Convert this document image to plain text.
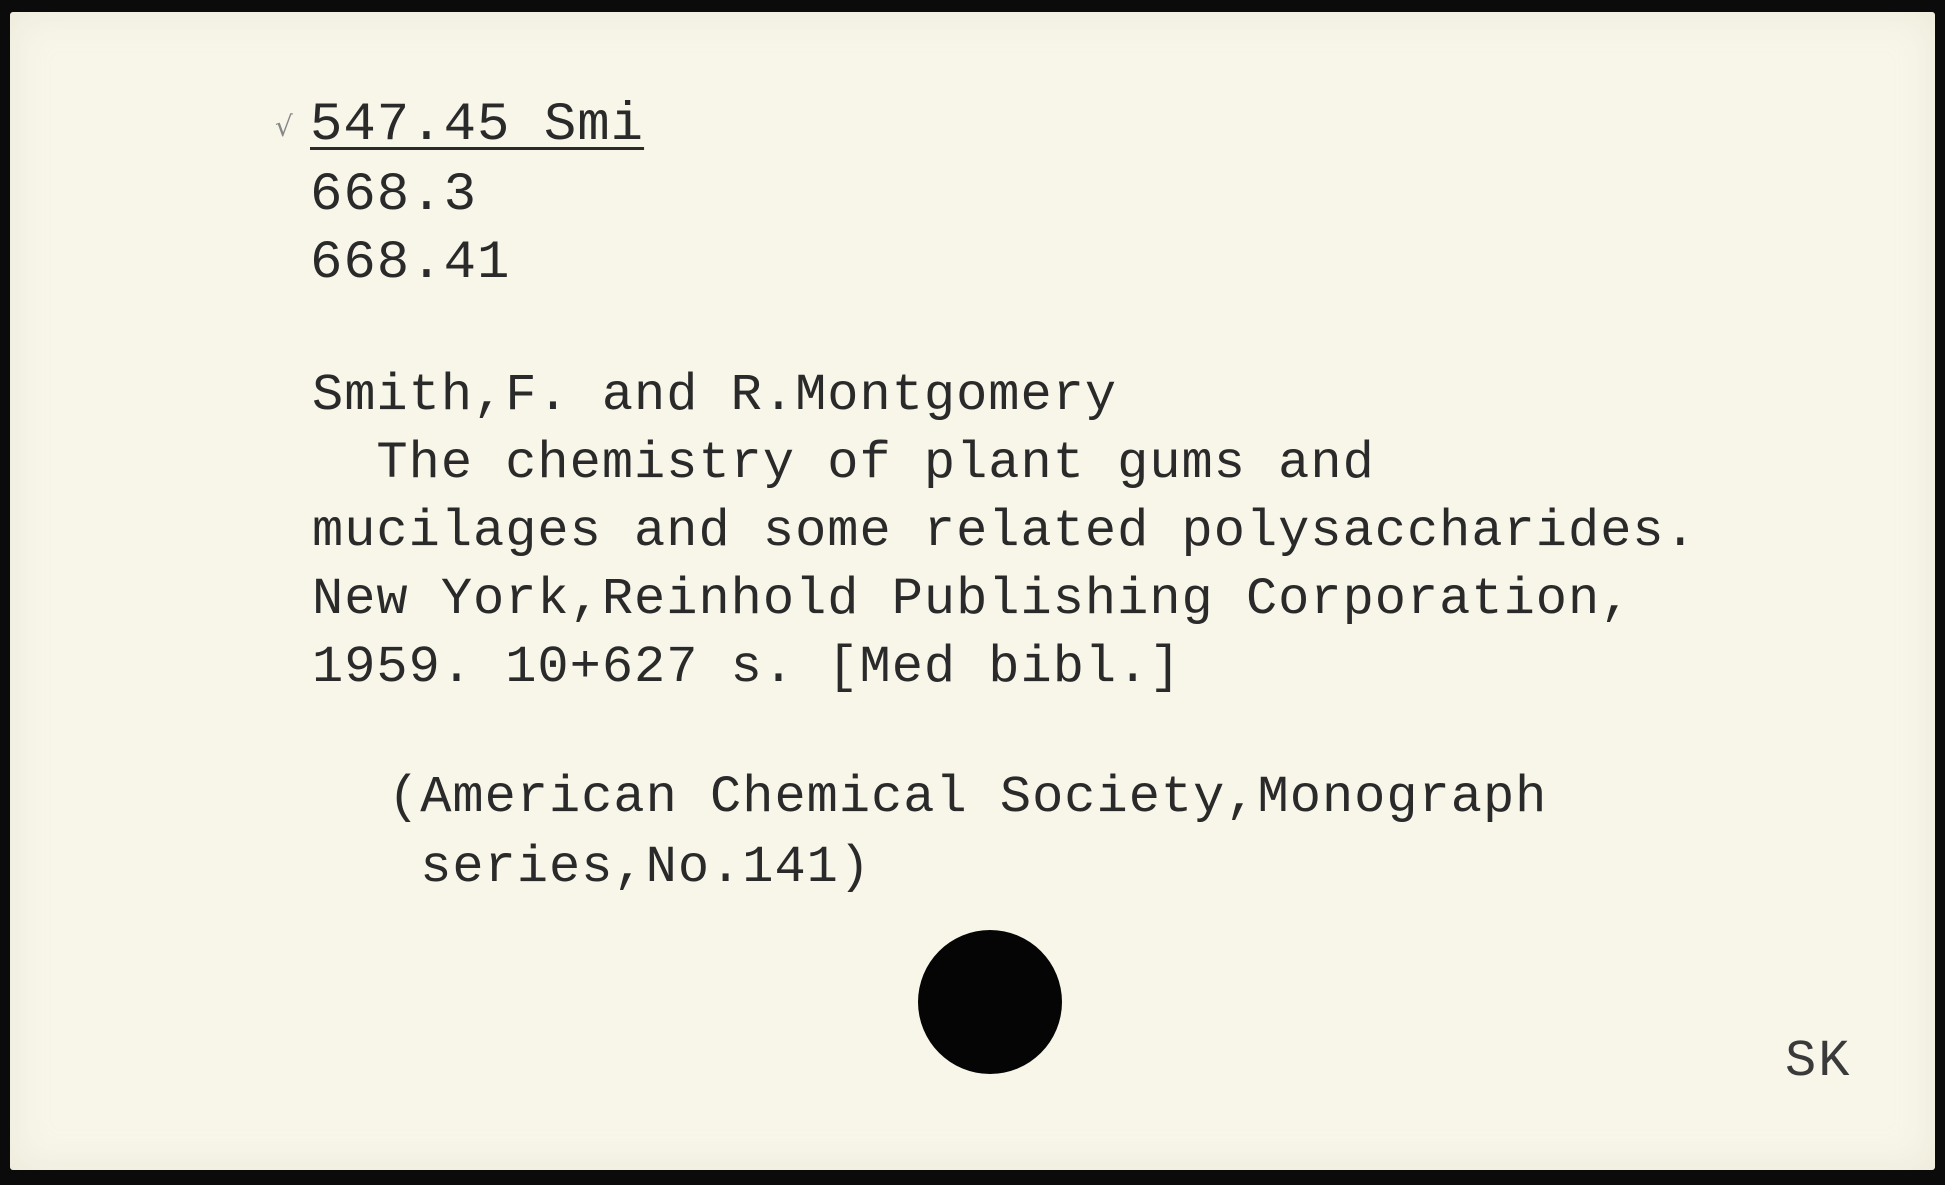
√ 547.45 Smi
668.3
668.41
Smith,F. and R.Montgomery
The chemistry of plant gums and
mucilages and some related polysaccharides.
New York,Reinhold Publishing Corporation,
1959. 10+627 s. [Med bibl.]
(American Chemical Society,Monograph
series,No.141)
SK
